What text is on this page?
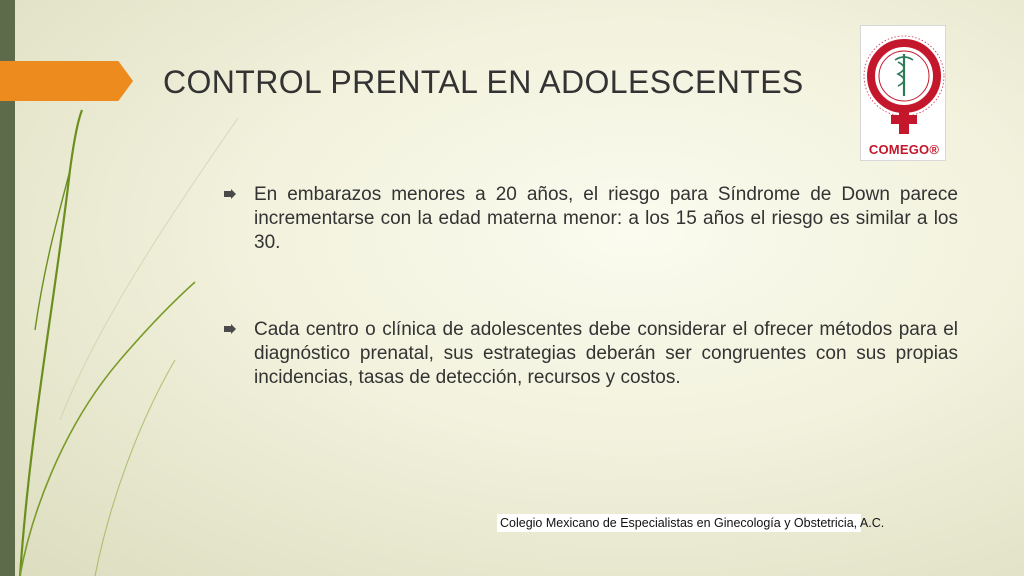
CONTROL PRENTAL EN ADOLESCENTES
COMEGO®
En embarazos menores a 20 años, el riesgo para Síndrome de Down parece incrementarse con la edad materna menor: a los 15 años el riesgo es similar a los 30.
Cada centro o clínica de adolescentes debe considerar el ofrecer métodos para el diagnóstico prenatal, sus estrategias deberán ser congruentes con sus propias incidencias, tasas de detección, recursos y costos.
Colegio Mexicano de Especialistas en Ginecología y Obstetricia, A.C.
